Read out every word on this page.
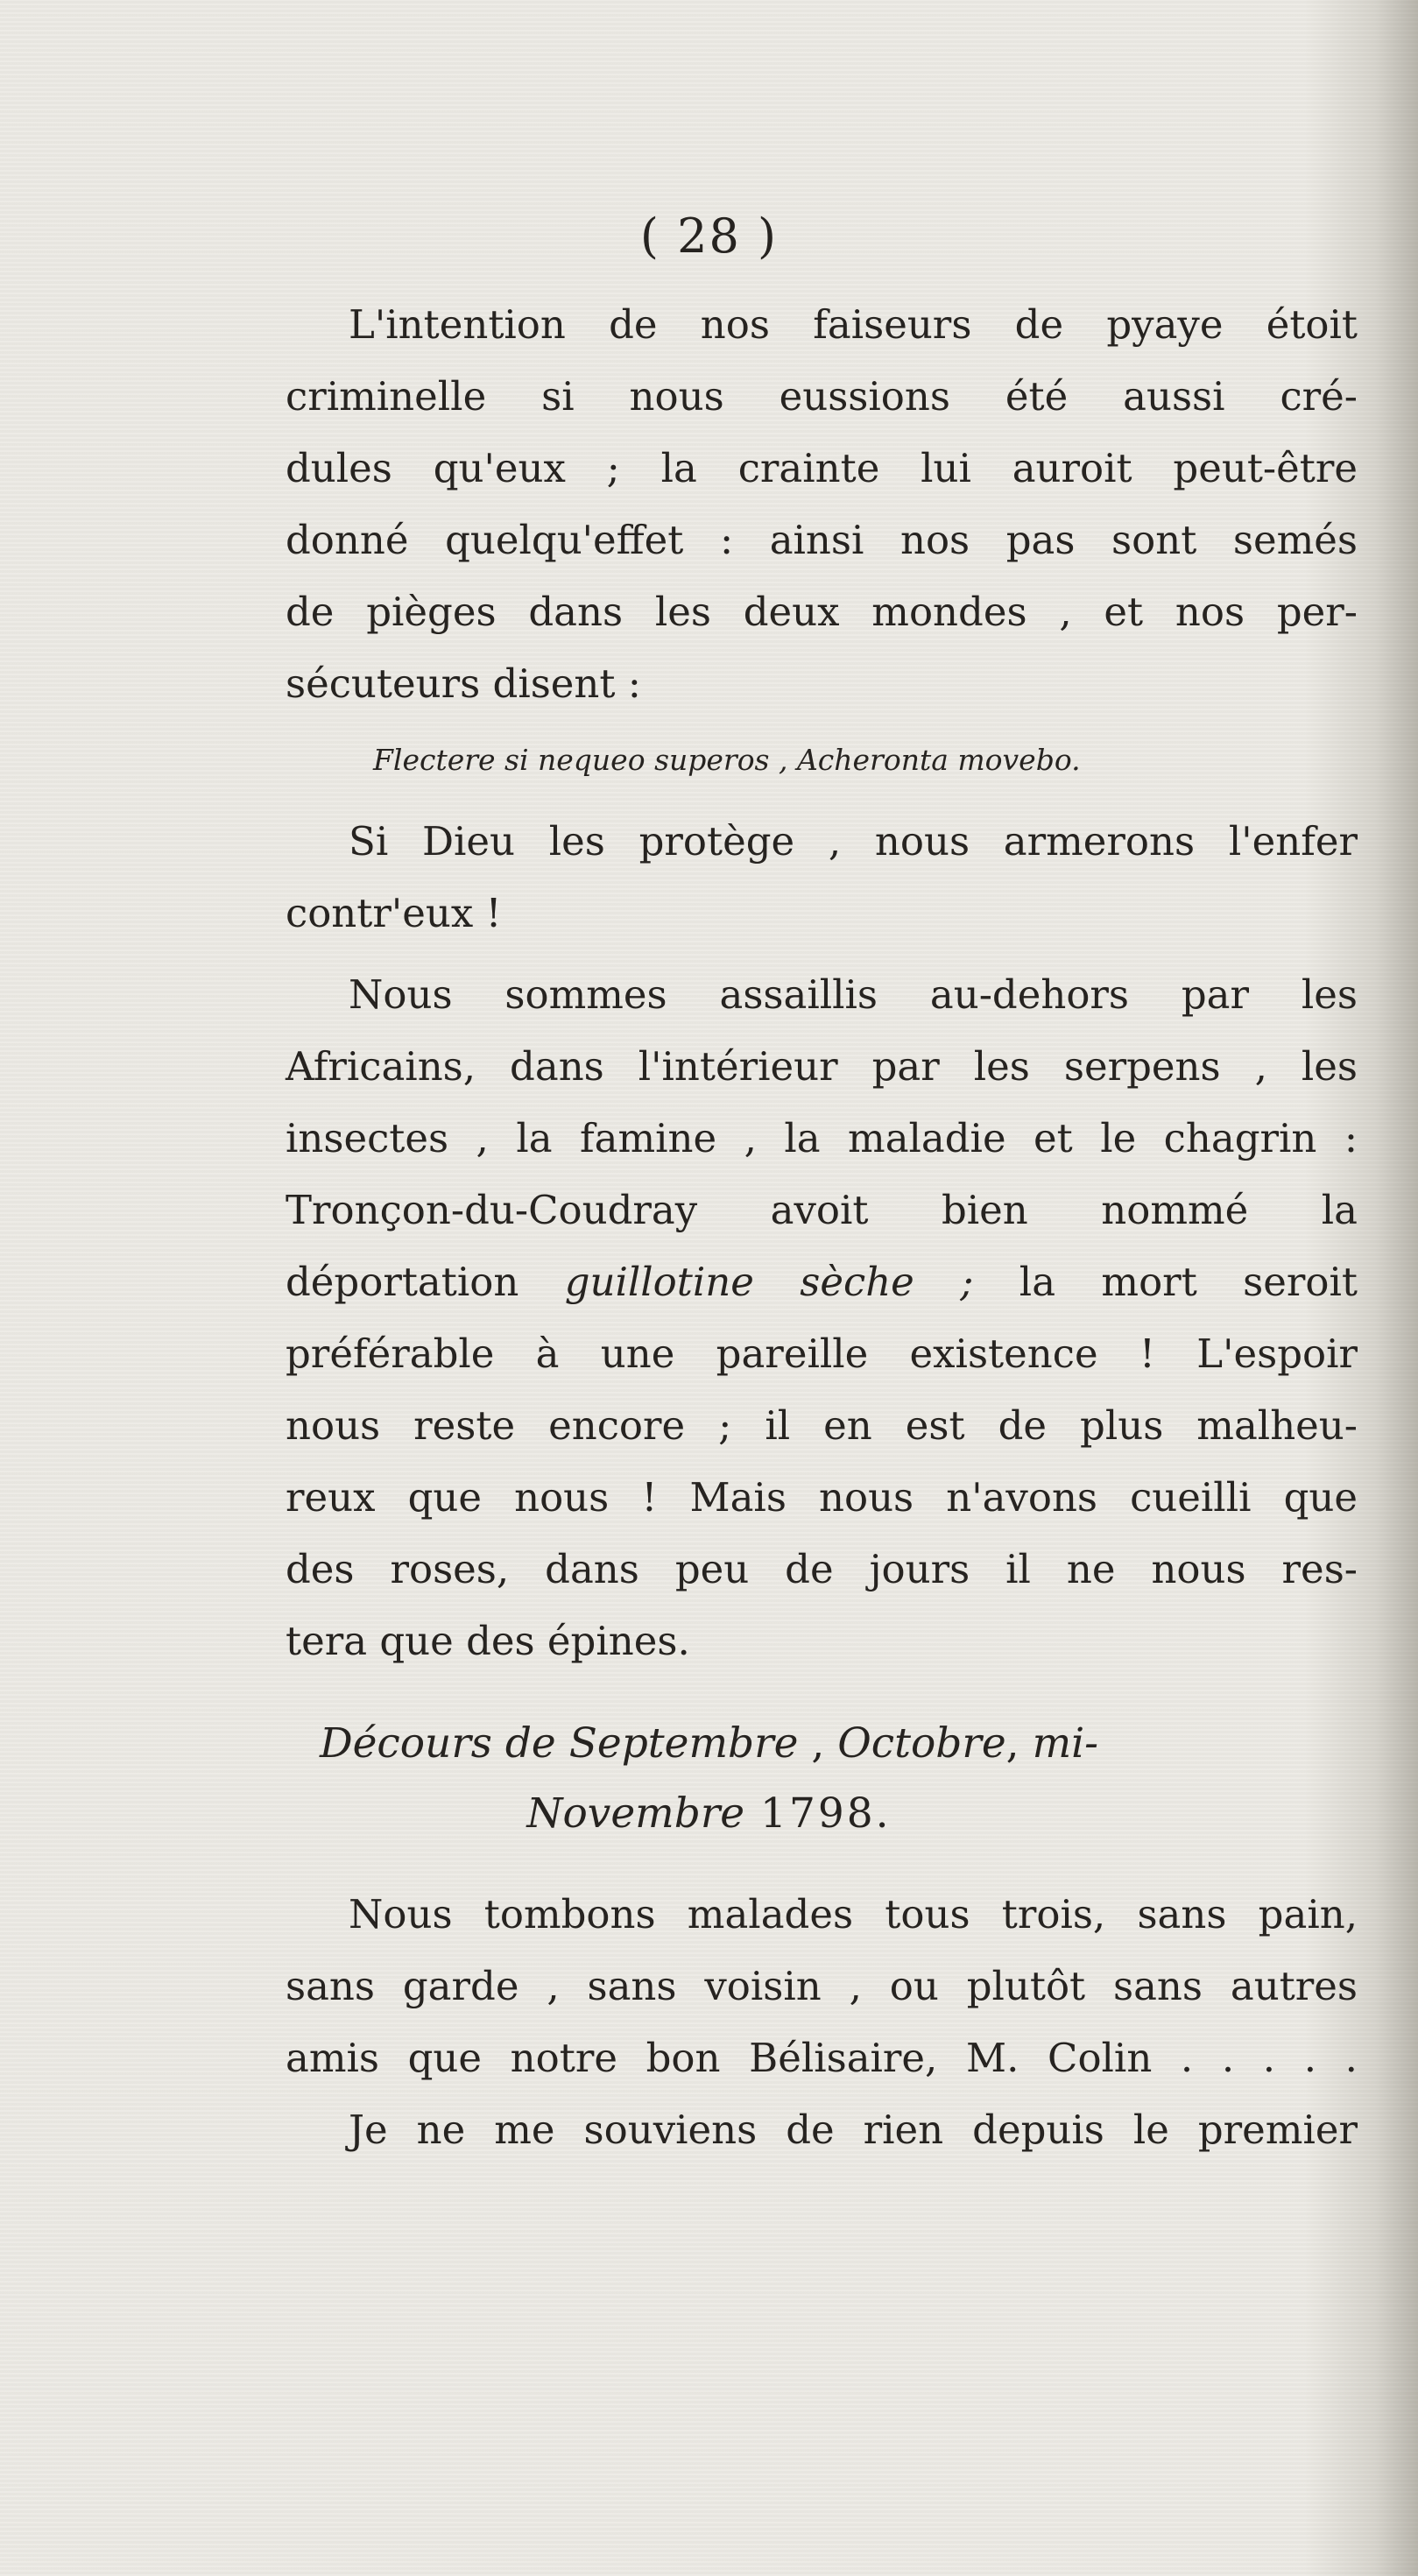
( 28 )
L'intention de nos faiseurs de pyaye étoit
criminelle si nous eussions été aussi cré-
dules qu'eux ; la crainte lui auroit peut-être
donné quelqu'effet : ainsi nos pas sont semés
de pièges dans les deux mondes , et nos per-
sécuteurs disent :
Flectere si nequeo superos , Acheronta movebo.
Si Dieu les protège , nous armerons l'enfer
contr'eux !
Nous sommes assaillis au-dehors par les
Africains, dans l'intérieur par les serpens , les
insectes , la famine , la maladie et le chagrin :
Tronçon-du-Coudray avoit bien nommé la
déportation guillotine sèche ; la mort seroit
préférable à une pareille existence ! L'espoir
nous reste encore ; il en est de plus malheu-
reux que nous ! Mais nous n'avons cueilli que
des roses, dans peu de jours il ne nous res-
tera que des épines.
Décours de Septembre , Octobre, mi-
Novembre 1798.
Nous tombons malades tous trois, sans pain,
sans garde , sans voisin , ou plutôt sans autres
amis que notre bon Bélisaire, M. Colin . . . . .
Je ne me souviens de rien depuis le premier
